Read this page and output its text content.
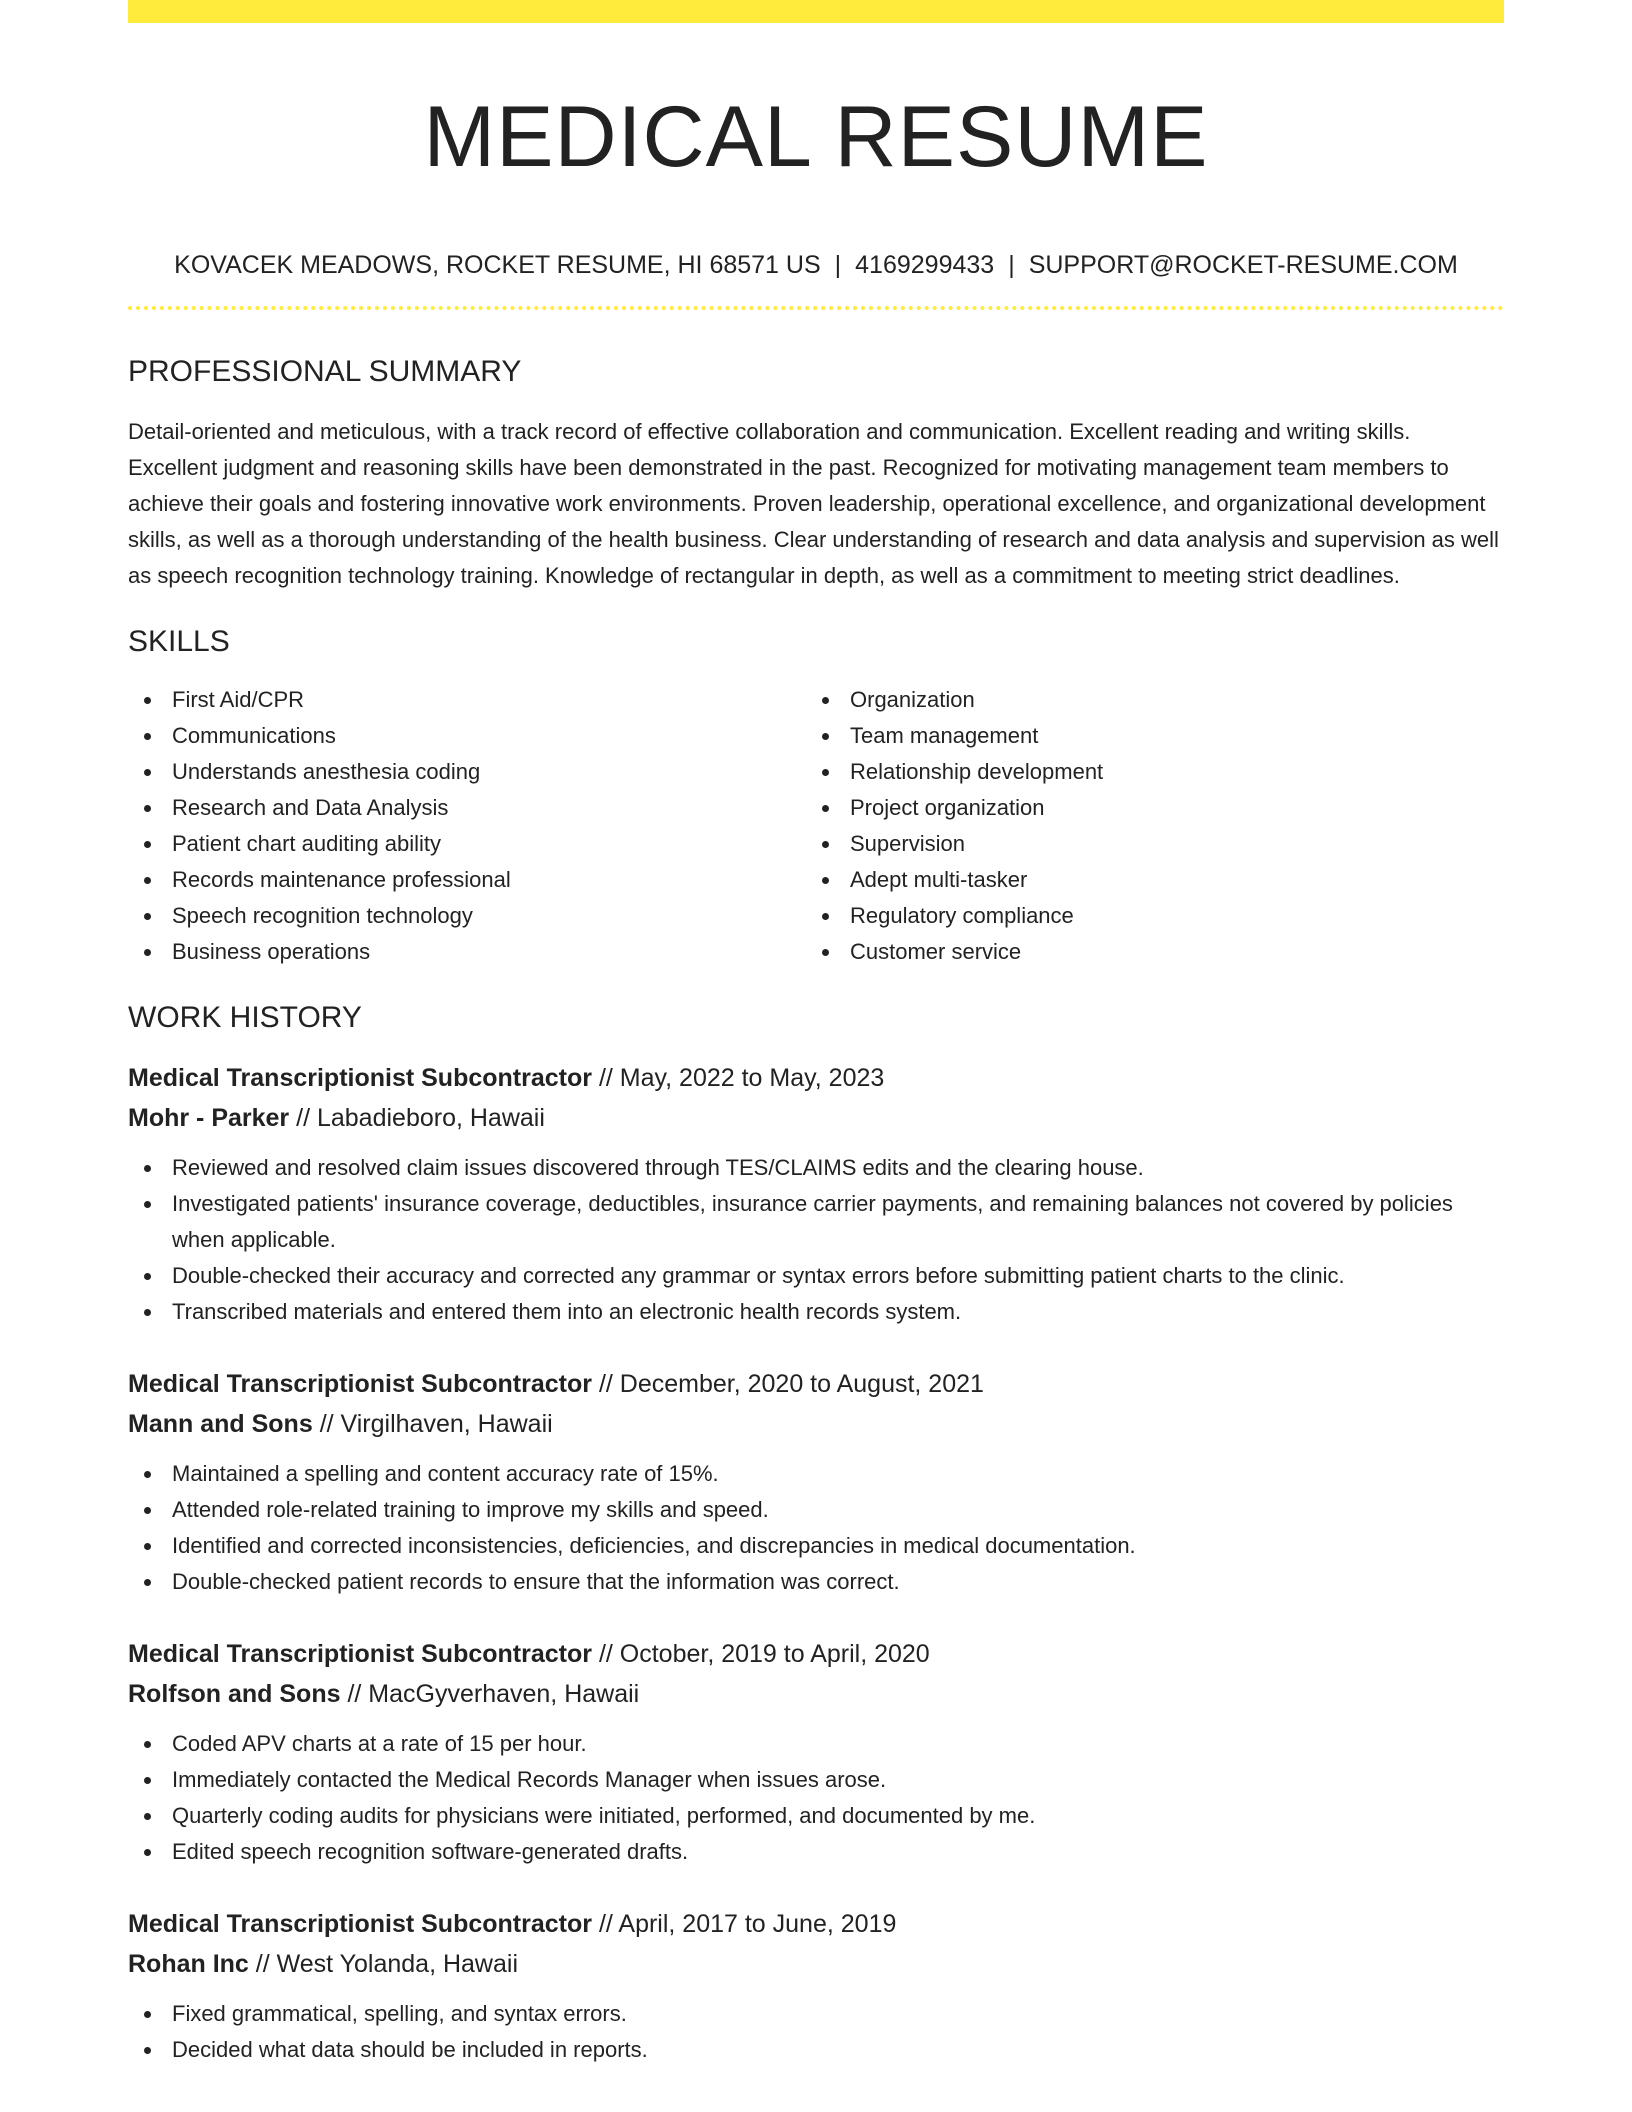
MEDICAL RESUME
KOVACEK MEADOWS, ROCKET RESUME, HI 68571 US | 4169299433 | SUPPORT@ROCKET-RESUME.COM
PROFESSIONAL SUMMARY
Detail-oriented and meticulous, with a track record of effective collaboration and communication. Excellent reading and writing skills. Excellent judgment and reasoning skills have been demonstrated in the past. Recognized for motivating management team members to achieve their goals and fostering innovative work environments. Proven leadership, operational excellence, and organizational development skills, as well as a thorough understanding of the health business. Clear understanding of research and data analysis and supervision as well as speech recognition technology training. Knowledge of rectangular in depth, as well as a commitment to meeting strict deadlines.
SKILLS
First Aid/CPR
Communications
Understands anesthesia coding
Research and Data Analysis
Patient chart auditing ability
Records maintenance professional
Speech recognition technology
Business operations
Organization
Team management
Relationship development
Project organization
Supervision
Adept multi-tasker
Regulatory compliance
Customer service
WORK HISTORY
Medical Transcriptionist Subcontractor // May, 2022 to May, 2023
Mohr - Parker // Labadieboro, Hawaii
Reviewed and resolved claim issues discovered through TES/CLAIMS edits and the clearing house.
Investigated patients' insurance coverage, deductibles, insurance carrier payments, and remaining balances not covered by policies when applicable.
Double-checked their accuracy and corrected any grammar or syntax errors before submitting patient charts to the clinic.
Transcribed materials and entered them into an electronic health records system.
Medical Transcriptionist Subcontractor // December, 2020 to August, 2021
Mann and Sons // Virgilhaven, Hawaii
Maintained a spelling and content accuracy rate of 15%.
Attended role-related training to improve my skills and speed.
Identified and corrected inconsistencies, deficiencies, and discrepancies in medical documentation.
Double-checked patient records to ensure that the information was correct.
Medical Transcriptionist Subcontractor // October, 2019 to April, 2020
Rolfson and Sons // MacGyverhaven, Hawaii
Coded APV charts at a rate of 15 per hour.
Immediately contacted the Medical Records Manager when issues arose.
Quarterly coding audits for physicians were initiated, performed, and documented by me.
Edited speech recognition software-generated drafts.
Medical Transcriptionist Subcontractor // April, 2017 to June, 2019
Rohan Inc // West Yolanda, Hawaii
Fixed grammatical, spelling, and syntax errors.
Decided what data should be included in reports.
